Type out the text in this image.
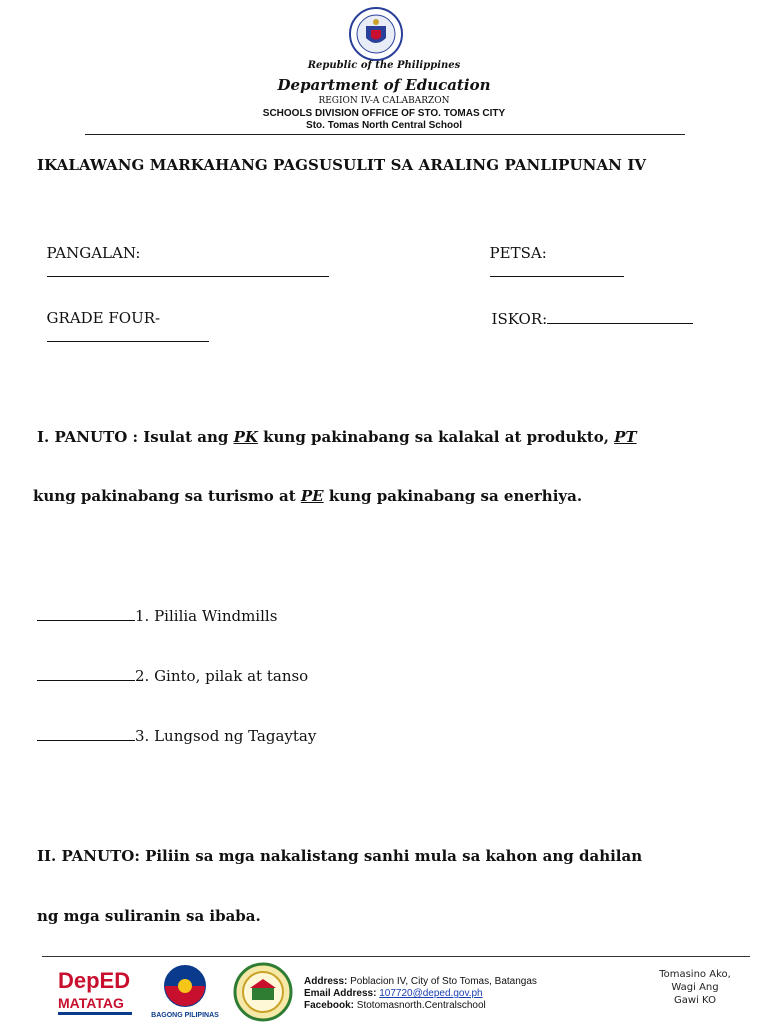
Republic of the Philippines
Department of Education
REGION IV-A CALABARZON
SCHOOLS DIVISION OFFICE OF STO. TOMAS CITY
Sto. Tomas North Central School
IKALAWANG MARKAHANG PAGSUSULIT SA ARALING PANLIPUNAN IV

PANGALAN:
	PETSA:

GRADE FOUR-
	ISKOR:

I. PANUTO : Isulat ang PK kung pakinabang sa kalakal at produkto, PT
kung pakinabang sa turismo at PE kung pakinabang sa enerhiya.
1. Pililia Windmills
2. Ginto, pilak at tanso
3. Lungsod ng Tagaytay
II. PANUTO: Piliin sa mga nakalistang sanhi mula sa kahon ang dahilan
ng mga suliranin sa ibaba.
DepED
MATATAG
BAGONG PILIPINAS
Address: Poblacion IV, City of Sto Tomas, Batangas
Email Address: 107720@deped.gov.ph
Facebook: Stotomasnorth.Centralschool
Tomasino Ako,
Wagi Ang
Gawi KO
